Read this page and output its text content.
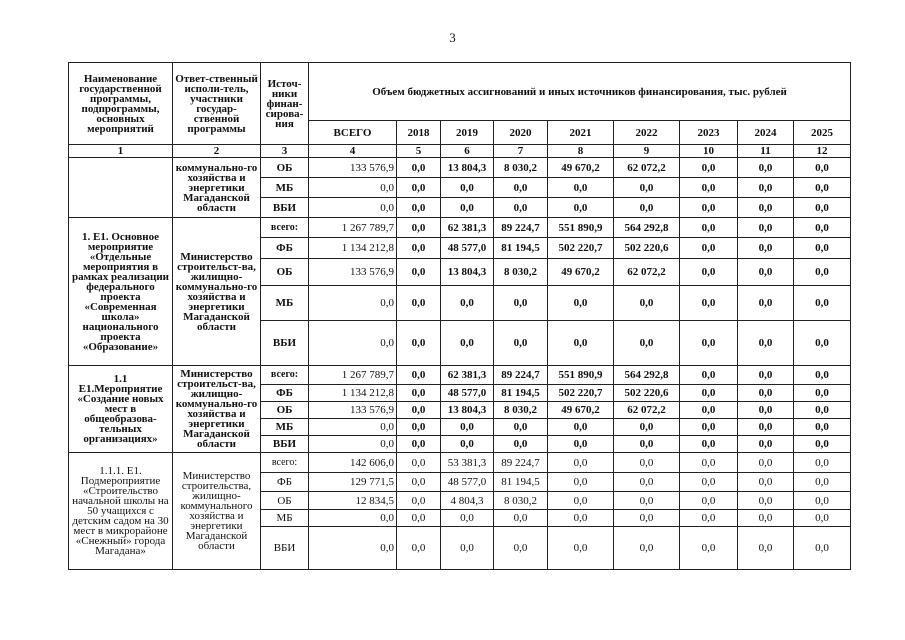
3
Наименование государственной программы, подпрограммы, основных мероприятий	Ответ-ственный исполи-тель, участники государ-ственной программы	Источ-ники финан-сирова-ния	Объем бюджетных ассигнований и иных источников финансирования, тыс. рублей								
			ВСЕГО	2018	2019	2020	2021	2022	2023	2024	2025
1	2	3	4	5	6	7	8	9	10	11	12
	коммунально-го хозяйства и энергетики Магаданской области	ОБ	133 576,9	0,0	13 804,3	8 030,2	49 670,2	62 072,2	0,0	0,0	0,0
		МБ	0,0	0,0	0,0	0,0	0,0	0,0	0,0	0,0	0,0
		ВБИ	0,0	0,0	0,0	0,0	0,0	0,0	0,0	0,0	0,0
1. Е1. Основное мероприятие «Отдельные мероприятия в рамках реализации федерального проекта «Современная школа» национального проекта «Образование»	Министерство строительст-ва, жилищно-коммунально-го хозяйства и энергетики Магаданской области	всего:	1 267 789,7	0,0	62 381,3	89 224,7	551 890,9	564 292,8	0,0	0,0	0,0
		ФБ	1 134 212,8	0,0	48 577,0	81 194,5	502 220,7	502 220,6	0,0	0,0	0,0
		ОБ	133 576,9	0,0	13 804,3	8 030,2	49 670,2	62 072,2	0,0	0,0	0,0
		МБ	0,0	0,0	0,0	0,0	0,0	0,0	0,0	0,0	0,0
		ВБИ	0,0	0,0	0,0	0,0	0,0	0,0	0,0	0,0	0,0
1.1 Е1.Мероприятие «Создание новых мест в общеобразова-тельных организациях»	Министерство строительст-ва, жилищно-коммунально-го хозяйства и энергетики Магаданской области	всего:	1 267 789,7	0,0	62 381,3	89 224,7	551 890,9	564 292,8	0,0	0,0	0,0
		ФБ	1 134 212,8	0,0	48 577,0	81 194,5	502 220,7	502 220,6	0,0	0,0	0,0
		ОБ	133 576,9	0,0	13 804,3	8 030,2	49 670,2	62 072,2	0,0	0,0	0,0
		МБ	0,0	0,0	0,0	0,0	0,0	0,0	0,0	0,0	0,0
		ВБИ	0,0	0,0	0,0	0,0	0,0	0,0	0,0	0,0	0,0
1.1.1. Е1. Подмероприятие «Строительство начальной школы на 50 учащихся с детским садом на 30 мест в микрорайоне «Снежный» города Магадана»	Министерство строительства, жилищно-коммунального хозяйства и энергетики Магаданской области	всего:	142 606,0	0,0	53 381,3	89 224,7	0,0	0,0	0,0	0,0	0,0
		ФБ	129 771,5	0,0	48 577,0	81 194,5	0,0	0,0	0,0	0,0	0,0
		ОБ	12 834,5	0,0	4 804,3	8 030,2	0,0	0,0	0,0	0,0	0,0
		МБ	0,0	0,0	0,0	0,0	0,0	0,0	0,0	0,0	0,0
		ВБИ	0,0	0,0	0,0	0,0	0,0	0,0	0,0	0,0	0,0
